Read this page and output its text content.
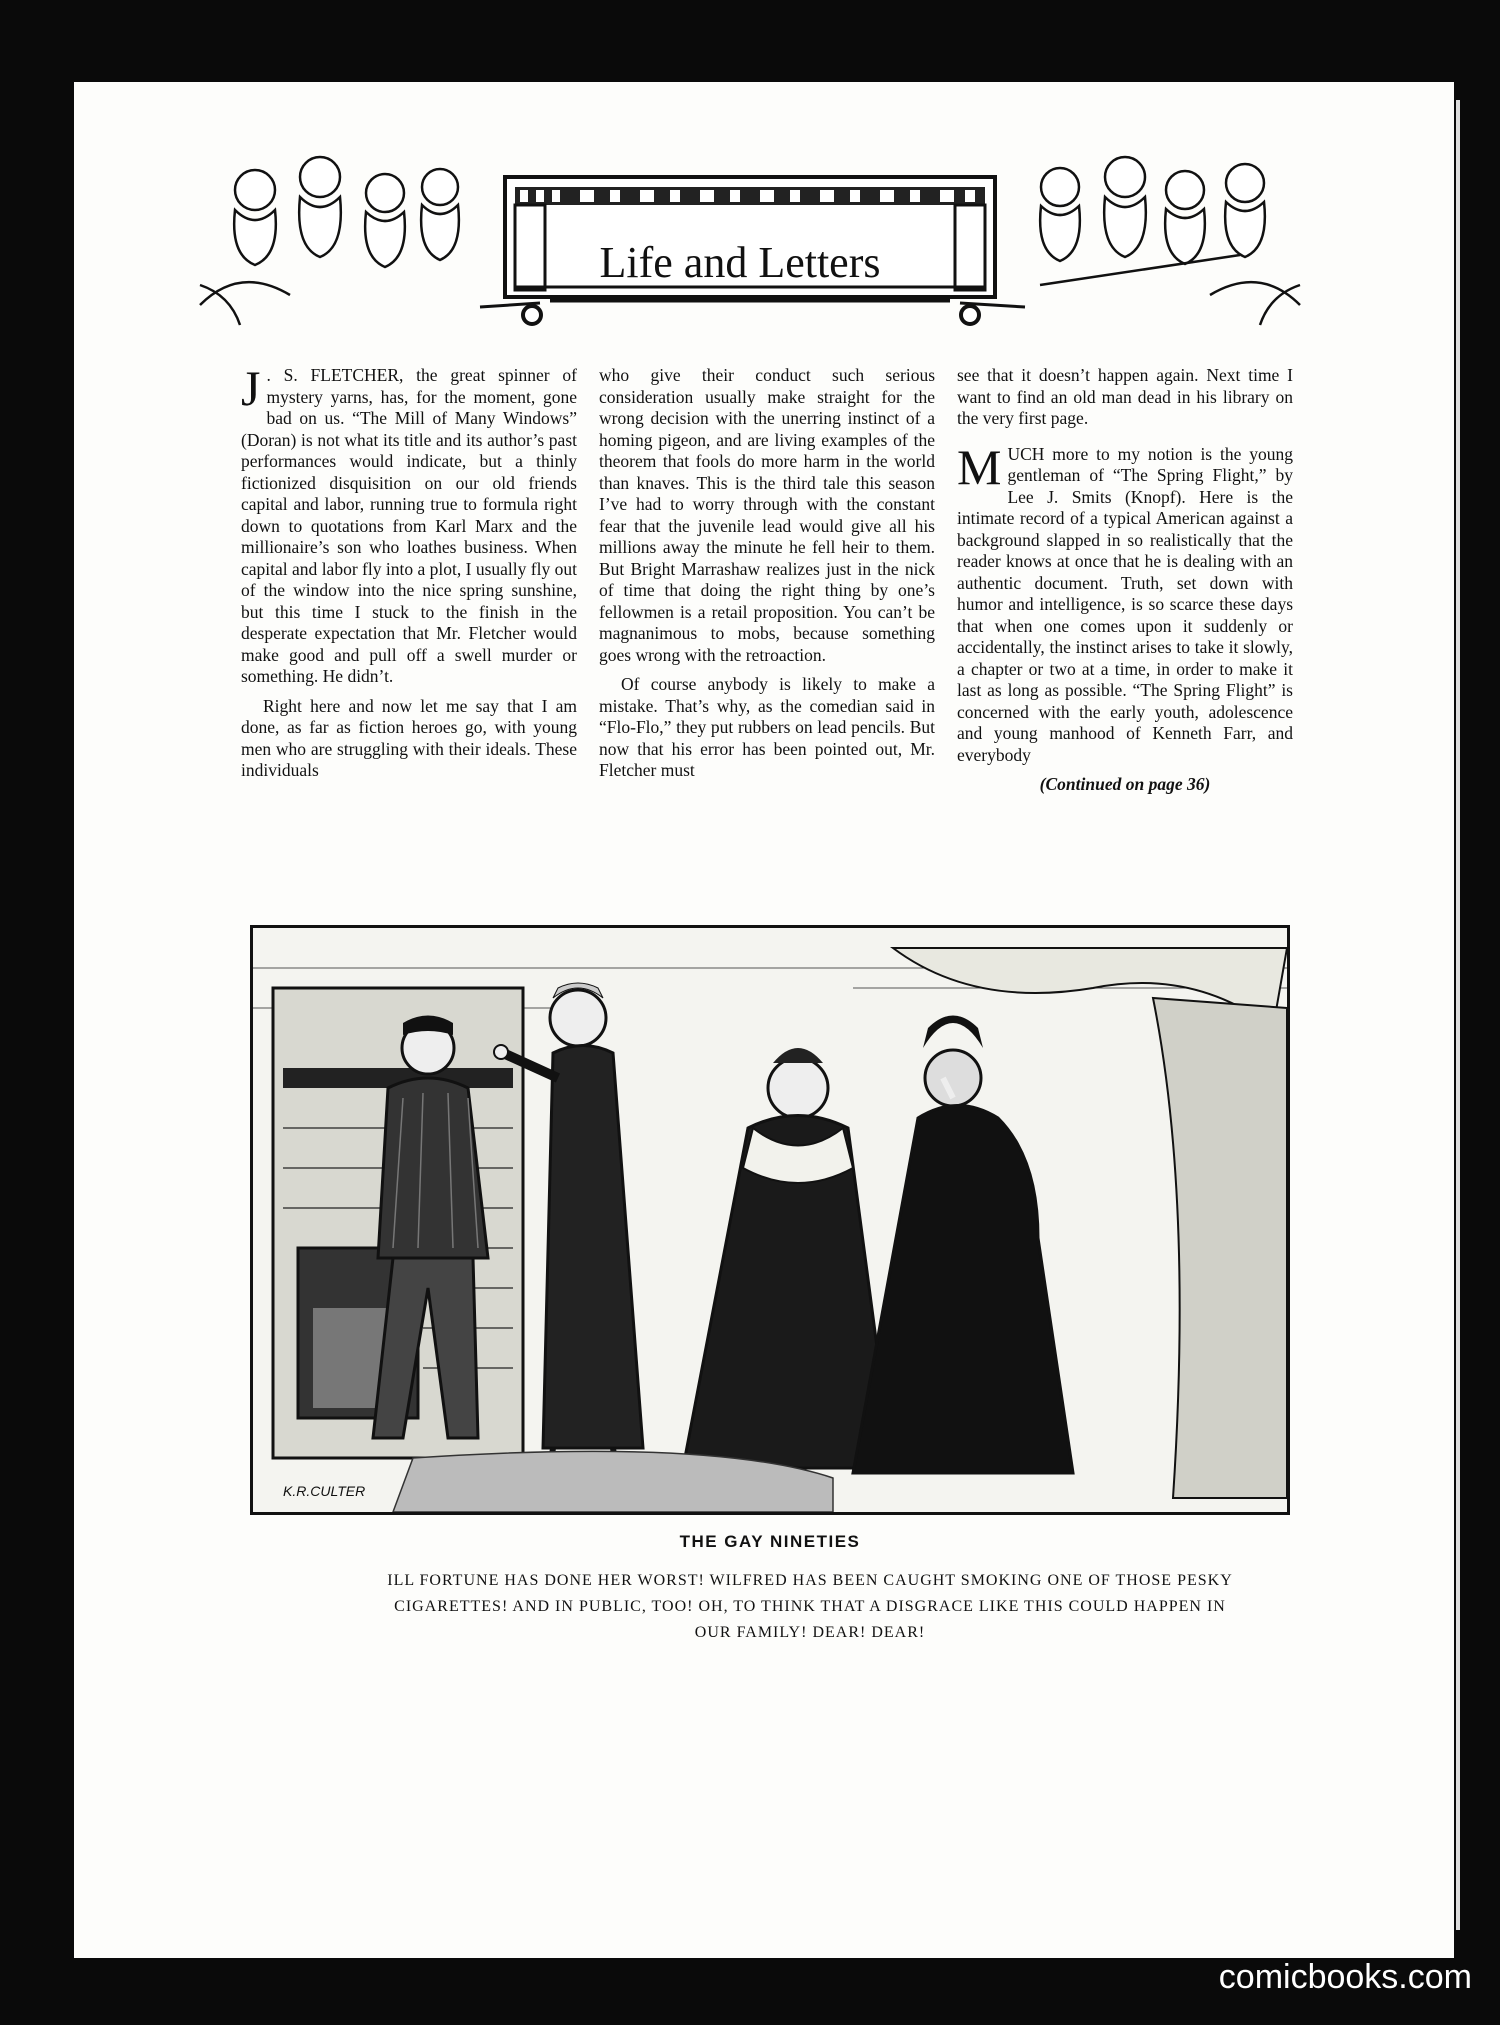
Life and Letters

J . S. FLETCHER, the great spinner of mystery yarns, has, for the moment, gone bad on us. “The Mill of Many Windows” (Doran) is not what its title and its author’s past performances would indicate, but a thinly fictionized disquisition on our old friends capital and labor, running true to formula right down to quotations from Karl Marx and the millionaire’s son who loathes business. When capital and labor fly into a plot, I usually fly out of the window into the nice spring sunshine, but this time I stuck to the finish in the desperate expectation that Mr. Fletcher would make good and pull off a swell murder or something. He didn’t.

Right here and now let me say that I am done, as far as fiction heroes go, with young men who are struggling with their ideals. These individuals

who give their conduct such serious consideration usually make straight for the wrong decision with the unerring instinct of a homing pigeon, and are living examples of the theorem that fools do more harm in the world than knaves. This is the third tale this season I’ve had to worry through with the constant fear that the juvenile lead would give all his millions away the minute he fell heir to them. But Bright Marrashaw realizes just in the nick of time that doing the right thing by one’s fellowmen is a retail proposition. You can’t be magnanimous to mobs, because something goes wrong with the retroaction.

Of course anybody is likely to make a mistake. That’s why, as the comedian said in “Flo-Flo,” they put rubbers on lead pencils. But now that his error has been pointed out, Mr. Fletcher must

see that it doesn’t happen again. Next time I want to find an old man dead in his library on the very first page.

MUCH more to my notion is the young gentleman of “The Spring Flight,” by Lee J. Smits (Knopf). Here is the intimate record of a typical American against a background slapped in so realistically that the reader knows at once that he is dealing with an authentic document. Truth, set down with humor and intelligence, is so scarce these days that when one comes upon it suddenly or accidentally, the instinct arises to take it slowly, a chapter or two at a time, in order to make it last as long as possible. “The Spring Flight” is concerned with the early youth, adolescence and young manhood of Kenneth Farr, and everybody

(Continued on page 36)
K.R.CULTER
THE GAY NINETIES
ILL FORTUNE HAS DONE HER WORST! WILFRED HAS BEEN CAUGHT SMOKING ONE OF THOSE PESKY CIGARETTES! AND IN PUBLIC, TOO! OH, TO THINK THAT A DISGRACE LIKE THIS COULD HAPPEN IN OUR FAMILY! DEAR! DEAR!
comicbooks.com
